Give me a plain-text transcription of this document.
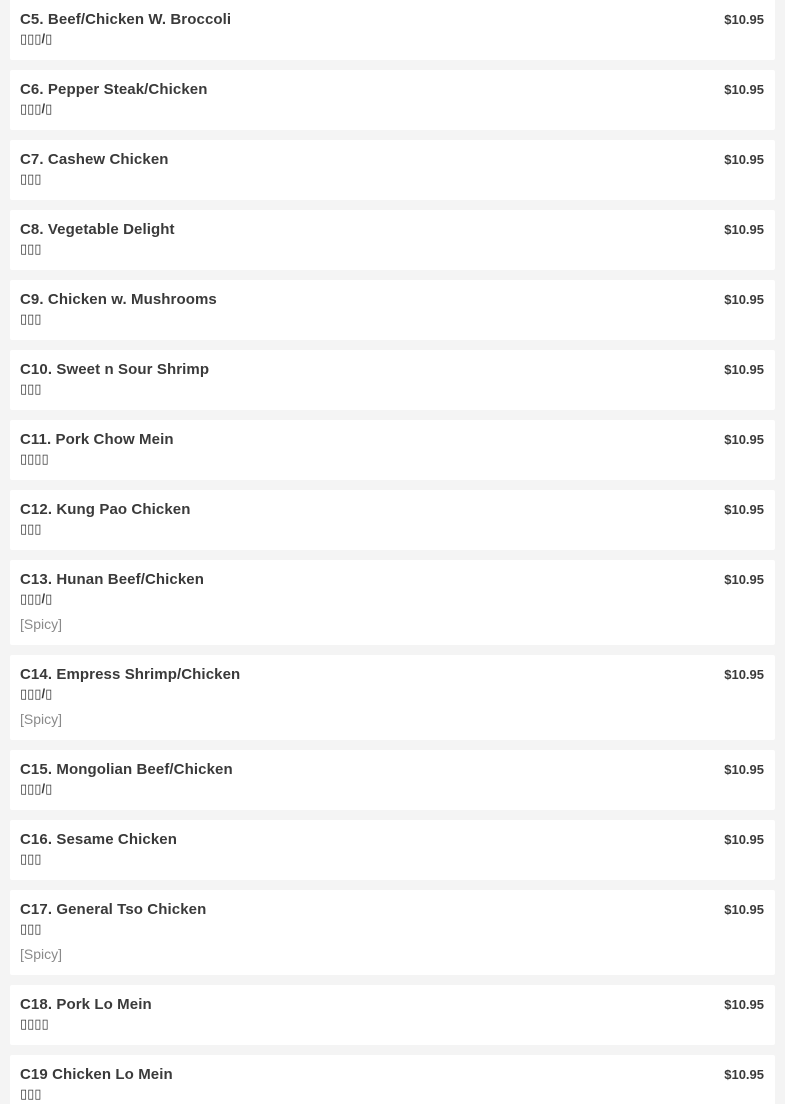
C5. Beef/Chicken W. Broccoli	$10.95
▯▯▯/▯
C6. Pepper Steak/Chicken	$10.95
▯▯▯/▯
C7. Cashew Chicken	$10.95
▯▯▯
C8. Vegetable Delight	$10.95
▯▯▯
C9. Chicken w. Mushrooms	$10.95
▯▯▯
C10. Sweet n Sour Shrimp	$10.95
▯▯▯
C11. Pork Chow Mein	$10.95
▯▯▯▯
C12. Kung Pao Chicken	$10.95
▯▯▯
C13. Hunan Beef/Chicken	$10.95
▯▯▯/▯
[Spicy]
C14. Empress Shrimp/Chicken	$10.95
▯▯▯/▯
[Spicy]
C15. Mongolian Beef/Chicken	$10.95
▯▯▯/▯
C16. Sesame Chicken	$10.95
▯▯▯
C17. General Tso Chicken	$10.95
▯▯▯
[Spicy]
C18. Pork Lo Mein	$10.95
▯▯▯▯
C19 Chicken Lo Mein	$10.95
▯▯▯
